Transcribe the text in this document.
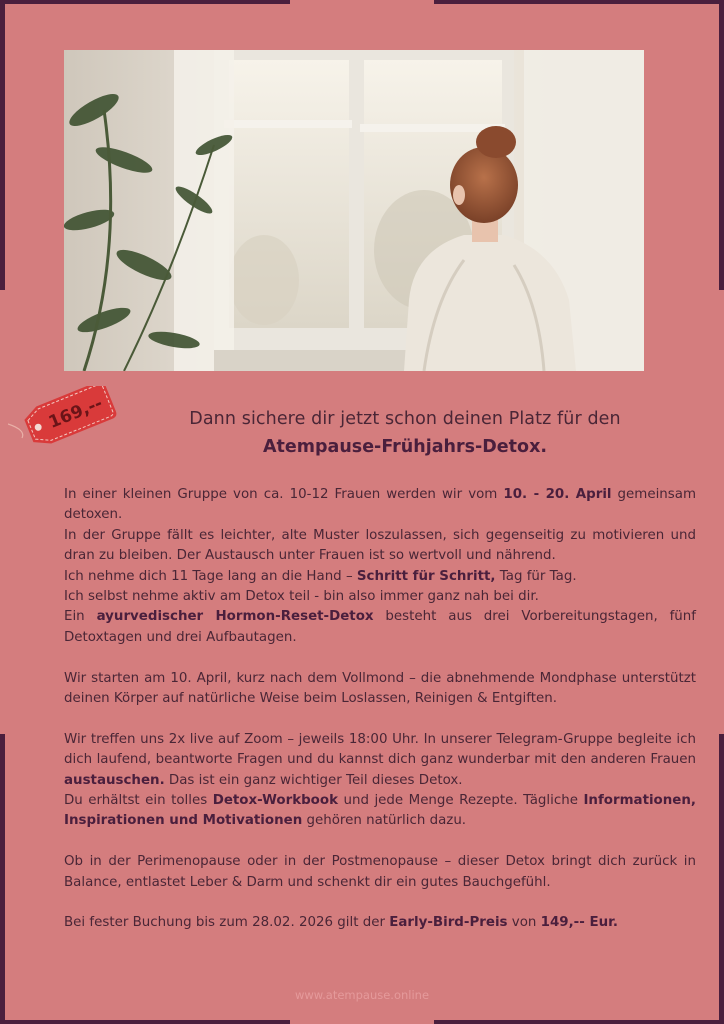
169,--	Dann sichere dir jetzt schon deinen Platz für den
Atempause-Frühjahrs-Detox.

In einer kleinen Gruppe von ca. 10-12 Frauen werden wir vom 10. - 20. April gemeinsam detoxen.

In der Gruppe fällt es leichter, alte Muster loszulassen, sich gegenseitig zu motivieren und dran zu bleiben. Der Austausch unter Frauen ist so wertvoll und nährend.

Ich nehme dich 11 Tage lang an die Hand – Schritt für Schritt, Tag für Tag.

Ich selbst nehme aktiv am Detox teil - bin also immer ganz nah bei dir.

Ein ayurvedischer Hormon-Reset-Detox besteht aus drei Vorbereitungstagen, fünf Detoxtagen und drei Aufbautagen.

Wir starten am 10. April, kurz nach dem Vollmond – die abnehmende Mondphase unterstützt deinen Körper auf natürliche Weise beim Loslassen, Reinigen & Entgiften.

Wir treffen uns 2x live auf Zoom – jeweils 18:00 Uhr. In unserer Telegram-Gruppe begleite ich dich laufend, beantworte Fragen und du kannst dich ganz wunderbar mit den anderen Frauen austauschen. Das ist ein ganz wichtiger Teil dieses Detox.

Du erhältst ein tolles Detox-Workbook und jede Menge Rezepte. Tägliche Informationen, Inspirationen und Motivationen gehören natürlich dazu.

Ob in der Perimenopause oder in der Postmenopause – dieser Detox bringt dich zurück in Balance, entlastet Leber & Darm und schenkt dir ein gutes Bauchgefühl.

Bei fester Buchung bis zum 28.02. 2026 gilt der Early-Bird-Preis von 149,-- Eur.

www.atempause.online
